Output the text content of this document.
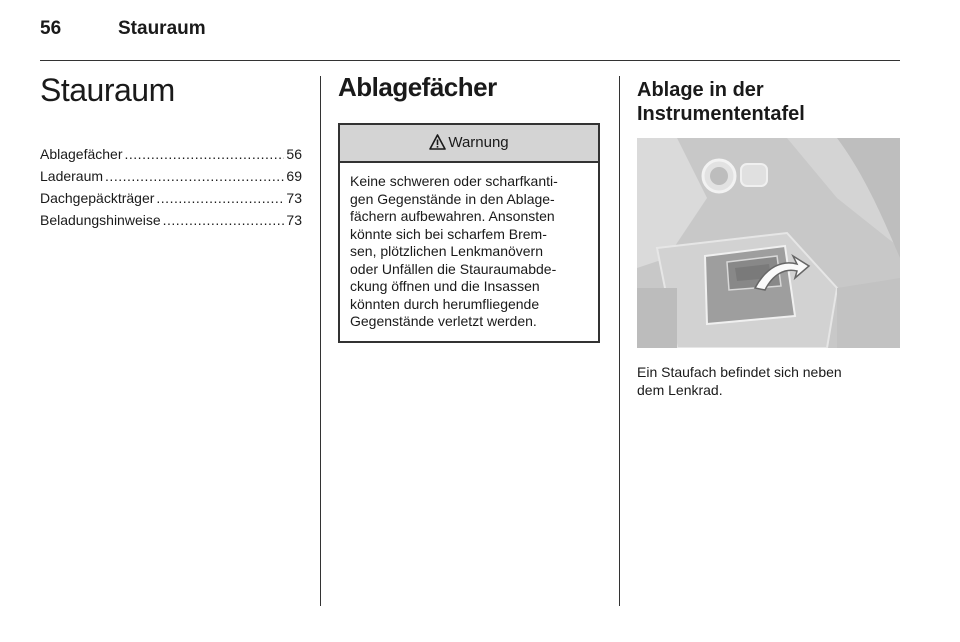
56	Stauraum
Stauraum
Ablagefächer .....	56
Laderaum .....	69
Dachgepäckträger .....	73
Beladungshinweise .....	73
Ablagefächer
Warnung
Keine schweren oder scharfkanti-
gen Gegenstände in den Ablage-
fächern aufbewahren. Ansonsten
könnte sich bei scharfem Brem-
sen, plötzlichen Lenkmanövern
oder Unfällen die Stauraumabde-
ckung öffnen und die Insassen
könnten durch herumfliegende
Gegenstände verletzt werden.
Ablage in der
Instrumententafel
Ein Staufach befindet sich neben
dem Lenkrad.
